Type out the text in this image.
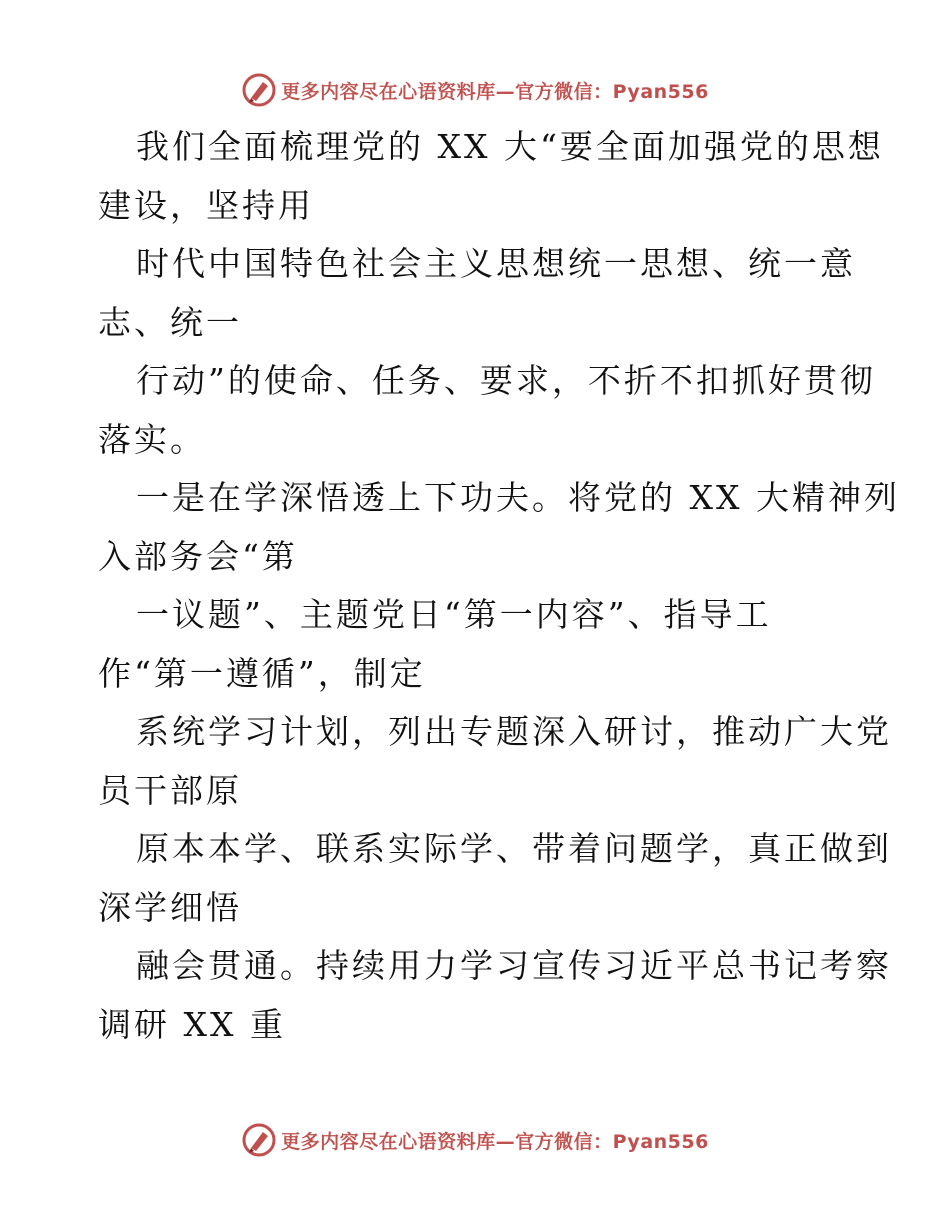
更多内容尽在心语资料库—官方微信：Pyan556
我们全面梳理党的 XX 大“要全面加强党的思想
建设，坚持用
时代中国特色社会主义思想统一思想、统一意
志、统一
行动”的使命、任务、要求，不折不扣抓好贯彻
落实。
一是在学深悟透上下功夫。将党的 XX 大精神列
入部务会“第
一议题”、主题党日“第一内容”、指导工
作“第一遵循”，制定
系统学习计划，列出专题深入研讨，推动广大党
员干部原
原本本学、联系实际学、带着问题学，真正做到
深学细悟
融会贯通。持续用力学习宣传习近平总书记考察
调研 XX 重
更多内容尽在心语资料库—官方微信：Pyan556
